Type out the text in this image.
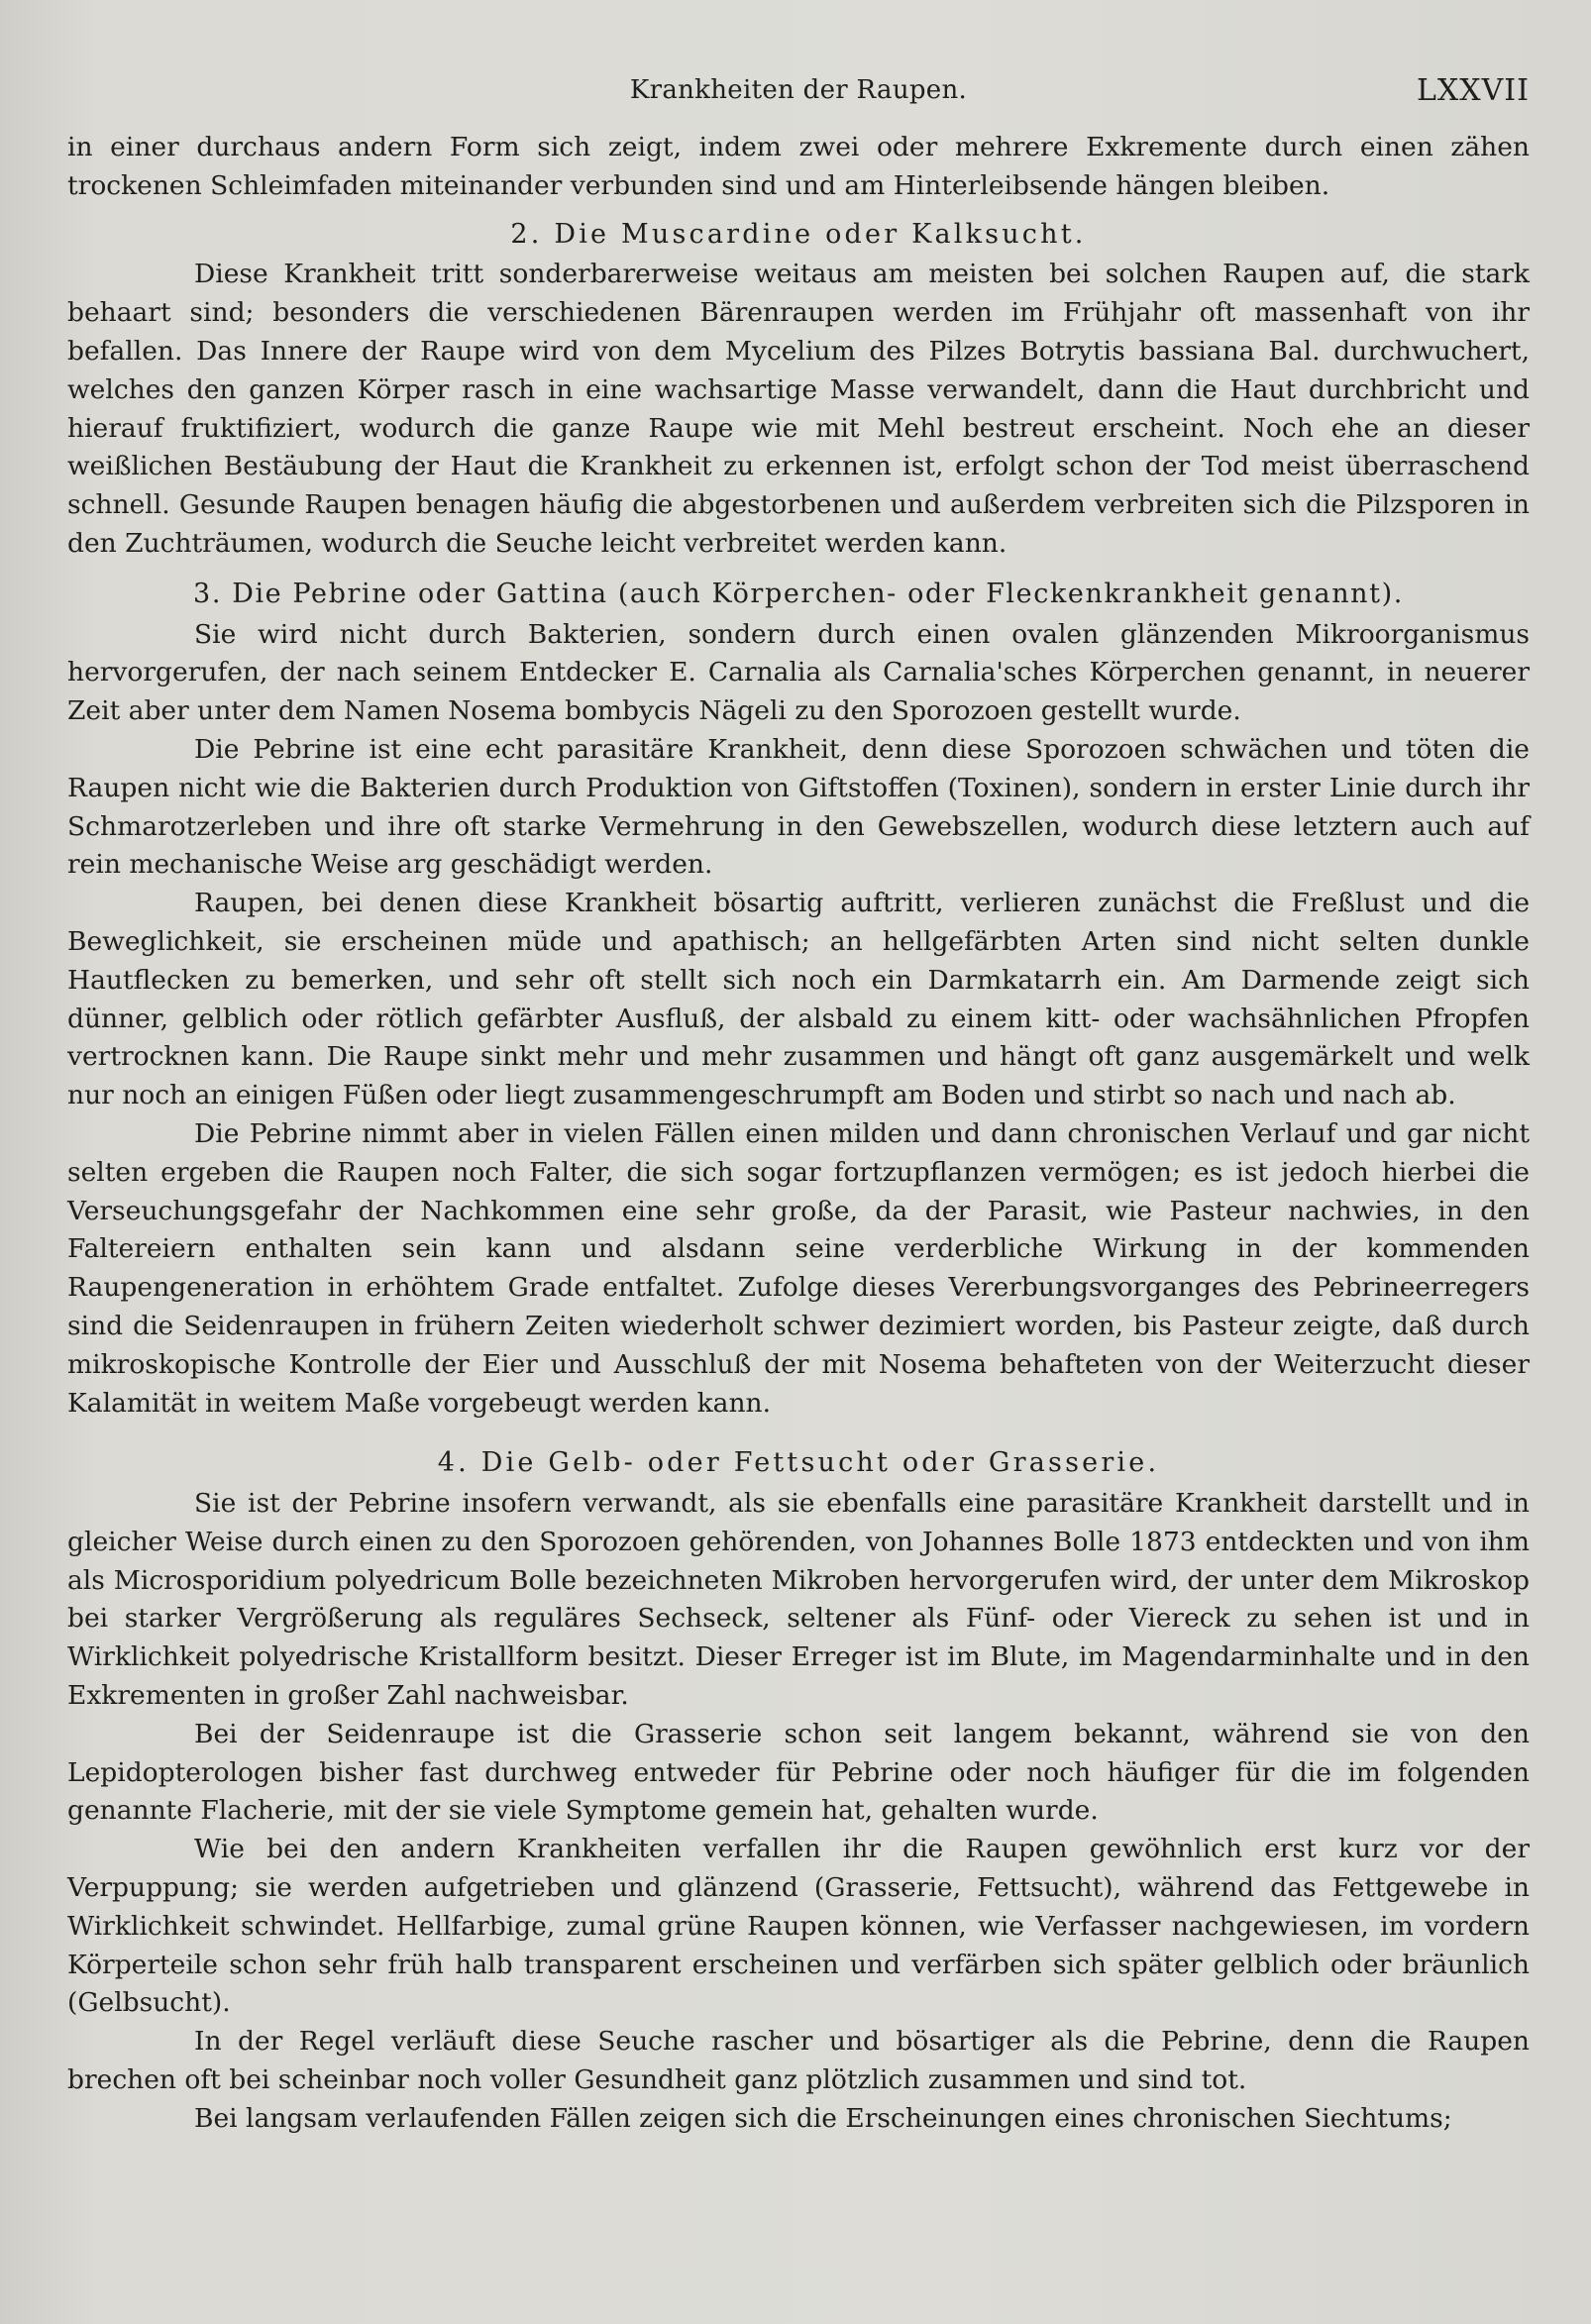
Krankheiten der Raupen.	LXXVII

in einer durchaus andern Form sich zeigt, indem zwei oder mehrere Exkremente durch einen zähen trockenen Schleimfaden miteinander verbunden sind und am Hinterleibsende hängen bleiben.

2. Die Muscardine oder Kalksucht.

Diese Krankheit tritt sonderbarerweise weitaus am meisten bei solchen Raupen auf, die stark behaart sind; besonders die verschiedenen Bärenraupen werden im Frühjahr oft massenhaft von ihr befallen. Das Innere der Raupe wird von dem Mycelium des Pilzes Botrytis bassiana Bal. durchwuchert, welches den ganzen Körper rasch in eine wachsartige Masse verwandelt, dann die Haut durchbricht und hierauf fruktifiziert, wodurch die ganze Raupe wie mit Mehl bestreut erscheint. Noch ehe an dieser weißlichen Bestäubung der Haut die Krankheit zu erkennen ist, erfolgt schon der Tod meist überraschend schnell. Gesunde Raupen benagen häufig die abgestorbenen und außerdem verbreiten sich die Pilzsporen in den Zuchträumen, wodurch die Seuche leicht verbreitet werden kann.

3. Die Pebrine oder Gattina (auch Körperchen- oder Fleckenkrankheit genannt).

Sie wird nicht durch Bakterien, sondern durch einen ovalen glänzenden Mikroorganismus hervorgerufen, der nach seinem Entdecker E. Carnalia als Carnalia'sches Körperchen genannt, in neuerer Zeit aber unter dem Namen Nosema bombycis Nägeli zu den Sporozoen gestellt wurde.

Die Pebrine ist eine echt parasitäre Krankheit, denn diese Sporozoen schwächen und töten die Raupen nicht wie die Bakterien durch Produktion von Giftstoffen (Toxinen), sondern in erster Linie durch ihr Schmarotzerleben und ihre oft starke Vermehrung in den Gewebszellen, wodurch diese letztern auch auf rein mechanische Weise arg geschädigt werden.

Raupen, bei denen diese Krankheit bösartig auftritt, verlieren zunächst die Freßlust und die Beweglichkeit, sie erscheinen müde und apathisch; an hellgefärbten Arten sind nicht selten dunkle Hautflecken zu bemerken, und sehr oft stellt sich noch ein Darmkatarrh ein. Am Darmende zeigt sich dünner, gelblich oder rötlich gefärbter Ausfluß, der alsbald zu einem kitt- oder wachsähnlichen Pfropfen vertrocknen kann. Die Raupe sinkt mehr und mehr zusammen und hängt oft ganz ausgemärkelt und welk nur noch an einigen Füßen oder liegt zusammengeschrumpft am Boden und stirbt so nach und nach ab.

Die Pebrine nimmt aber in vielen Fällen einen milden und dann chronischen Verlauf und gar nicht selten ergeben die Raupen noch Falter, die sich sogar fortzupflanzen vermögen; es ist jedoch hierbei die Verseuchungsgefahr der Nachkommen eine sehr große, da der Parasit, wie Pasteur nachwies, in den Faltereiern enthalten sein kann und alsdann seine verderbliche Wirkung in der kommenden Raupengeneration in erhöhtem Grade entfaltet. Zufolge dieses Vererbungsvorganges des Pebrineerregers sind die Seidenraupen in frühern Zeiten wiederholt schwer dezimiert worden, bis Pasteur zeigte, daß durch mikroskopische Kontrolle der Eier und Ausschluß der mit Nosema behafteten von der Weiterzucht dieser Kalamität in weitem Maße vorgebeugt werden kann.

4. Die Gelb- oder Fettsucht oder Grasserie.

Sie ist der Pebrine insofern verwandt, als sie ebenfalls eine parasitäre Krankheit darstellt und in gleicher Weise durch einen zu den Sporozoen gehörenden, von Johannes Bolle 1873 entdeckten und von ihm als Microsporidium polyedricum Bolle bezeichneten Mikroben hervorgerufen wird, der unter dem Mikroskop bei starker Vergrößerung als reguläres Sechseck, seltener als Fünf- oder Viereck zu sehen ist und in Wirklichkeit polyedrische Kristallform besitzt. Dieser Erreger ist im Blute, im Magendarminhalte und in den Exkrementen in großer Zahl nachweisbar.

Bei der Seidenraupe ist die Grasserie schon seit langem bekannt, während sie von den Lepidopterologen bisher fast durchweg entweder für Pebrine oder noch häufiger für die im folgenden genannte Flacherie, mit der sie viele Symptome gemein hat, gehalten wurde.

Wie bei den andern Krankheiten verfallen ihr die Raupen gewöhnlich erst kurz vor der Verpuppung; sie werden aufgetrieben und glänzend (Grasserie, Fettsucht), während das Fettgewebe in Wirklichkeit schwindet. Hellfarbige, zumal grüne Raupen können, wie Verfasser nachgewiesen, im vordern Körperteile schon sehr früh halb transparent erscheinen und verfärben sich später gelblich oder bräunlich (Gelbsucht).

In der Regel verläuft diese Seuche rascher und bösartiger als die Pebrine, denn die Raupen brechen oft bei scheinbar noch voller Gesundheit ganz plötzlich zusammen und sind tot.

Bei langsam verlaufenden Fällen zeigen sich die Erscheinungen eines chronischen Siechtums;
